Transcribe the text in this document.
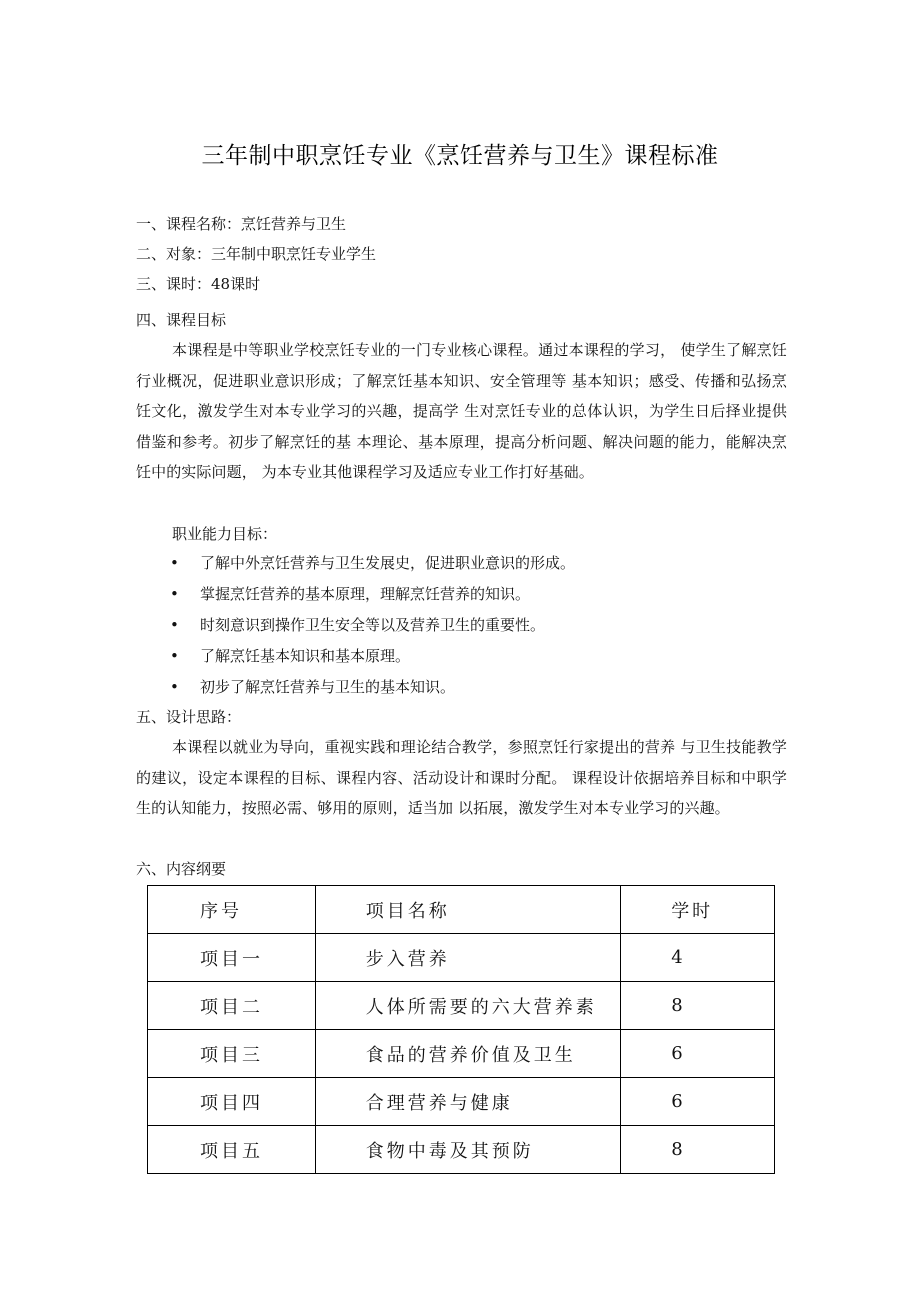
三年制中职烹饪专业《烹饪营养与卫生》课程标准
一、课程名称：烹饪营养与卫生
二、对象：三年制中职烹饪专业学生
三、课时：48课时
四、课程目标
本课程是中等职业学校烹饪专业的一门专业核心课程。通过本课程的学习， 使学生了解烹饪行业概况，促进职业意识形成；了解烹饪基本知识、安全管理等 基本知识；感受、传播和弘扬烹饪文化，激发学生对本专业学习的兴趣，提高学 生对烹饪专业的总体认识，为学生日后择业提供借鉴和参考。初步了解烹饪的基 本理论、基本原理，提高分析问题、解决问题的能力，能解决烹饪中的实际问题， 为本专业其他课程学习及适应专业工作打好基础。
职业能力目标：
• 了解中外烹饪营养与卫生发展史，促进职业意识的形成。
• 掌握烹饪营养的基本原理，理解烹饪营养的知识。
• 时刻意识到操作卫生安全等以及营养卫生的重要性。
• 了解烹饪基本知识和基本原理。
• 初步了解烹饪营养与卫生的基本知识。
五、设计思路：
本课程以就业为导向，重视实践和理论结合教学，参照烹饪行家提出的营养 与卫生技能教学的建议，设定本课程的目标、课程内容、活动设计和课时分配。 课程设计依据培养目标和中职学生的认知能力，按照必需、够用的原则，适当加 以拓展，激发学生对本专业学习的兴趣。
六、内容纲要
序号	项目名称	学时
项目一	步入营养	4
项目二	人体所需要的六大营养素	8
项目三	食品的营养价值及卫生	6
项目四	合理营养与健康	6
项目五	食物中毒及其预防	8
